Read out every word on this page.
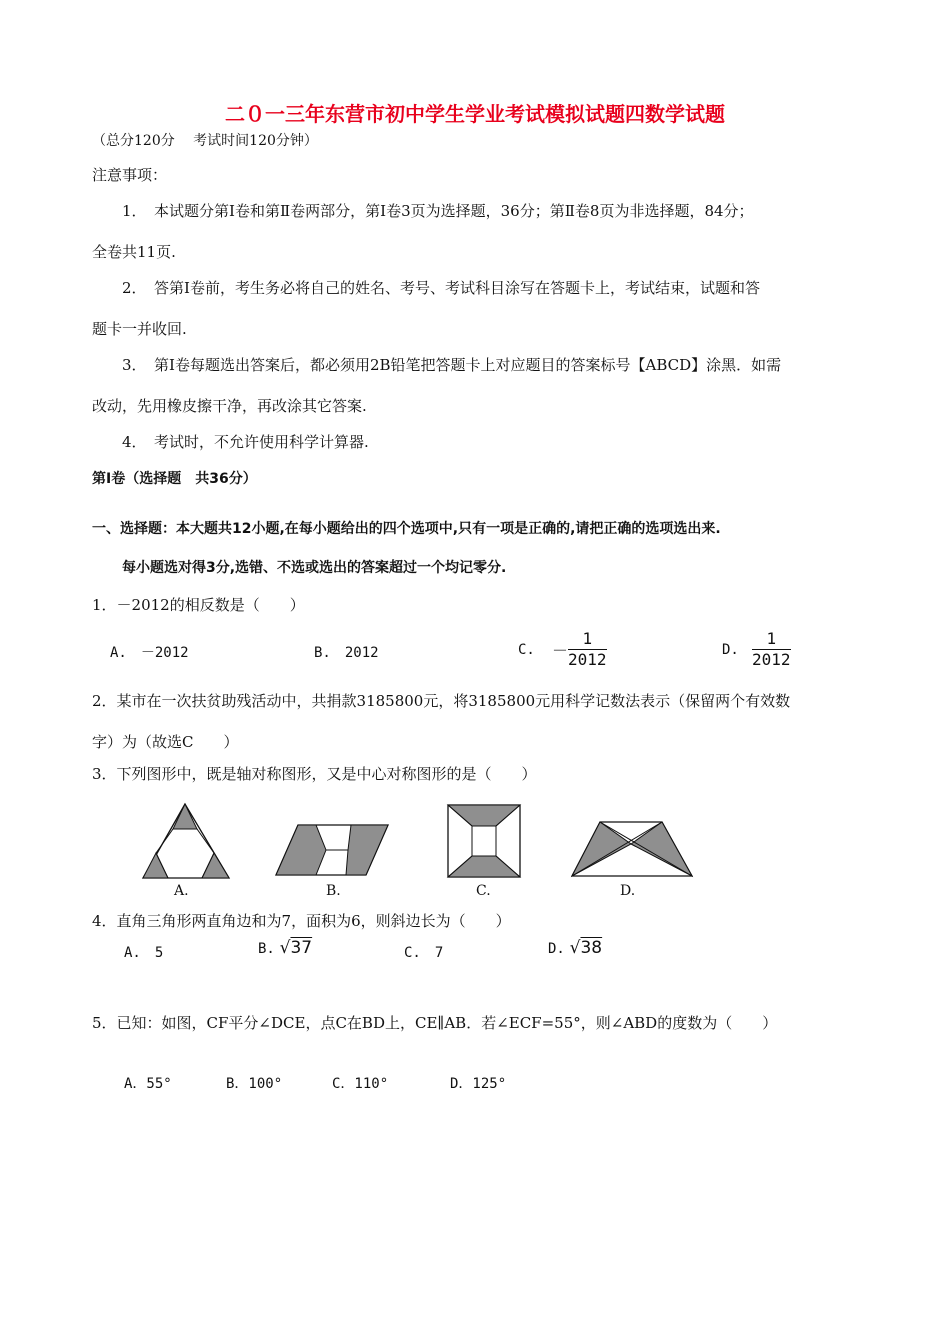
二０一三年东营市初中学生学业考试模拟试题四数学试题
（总分120分　 考试时间120分钟）
注意事项：
1．　本试题分第Ⅰ卷和第Ⅱ卷两部分，第Ⅰ卷3页为选择题，36分；第Ⅱ卷8页为非选择题，84分；
全卷共11页.
2．　答第Ⅰ卷前，考生务必将自己的姓名、考号、考试科目涂写在答题卡上，考试结束，试题和答
题卡一并收回.
3．　第Ⅰ卷每题选出答案后，都必须用2B铅笔把答题卡上对应题目的答案标号【ABCD】涂黑．如需
改动，先用橡皮擦干净，再改涂其它答案.
4．　考试时，不允许使用科学计算器.
第Ⅰ卷（选择题　共36分）
一、选择题：本大题共12小题,在每小题给出的四个选项中,只有一项是正确的,请把正确的选项选出来.
每小题选对得3分,选错、不选或选出的答案超过一个均记零分.
1．－2012的相反数是（　　）
A.　－2012	B.　2012	C. － $\frac{1}{2012}$	D. $\frac{1}{2012}$
2．某市在一次扶贫助残活动中，共捐款3185800元，将3185800元用科学记数法表示（保留两个有效数
字）为（故选C　　）
3．下列图形中，既是轴对称图形，又是中心对称图形的是（　　）
A.	B.	C.	D.
4．直角三角形两直角边和为7，面积为6，则斜边长为（　　）
A.　5	B. √37	C.　7	D. √38
5．已知：如图，CF平分∠DCE，点C在BD上，CE∥AB．若∠ECF=55°，则∠ABD的度数为（　　）
A．55°	B．100°	C．110°	D．125°
